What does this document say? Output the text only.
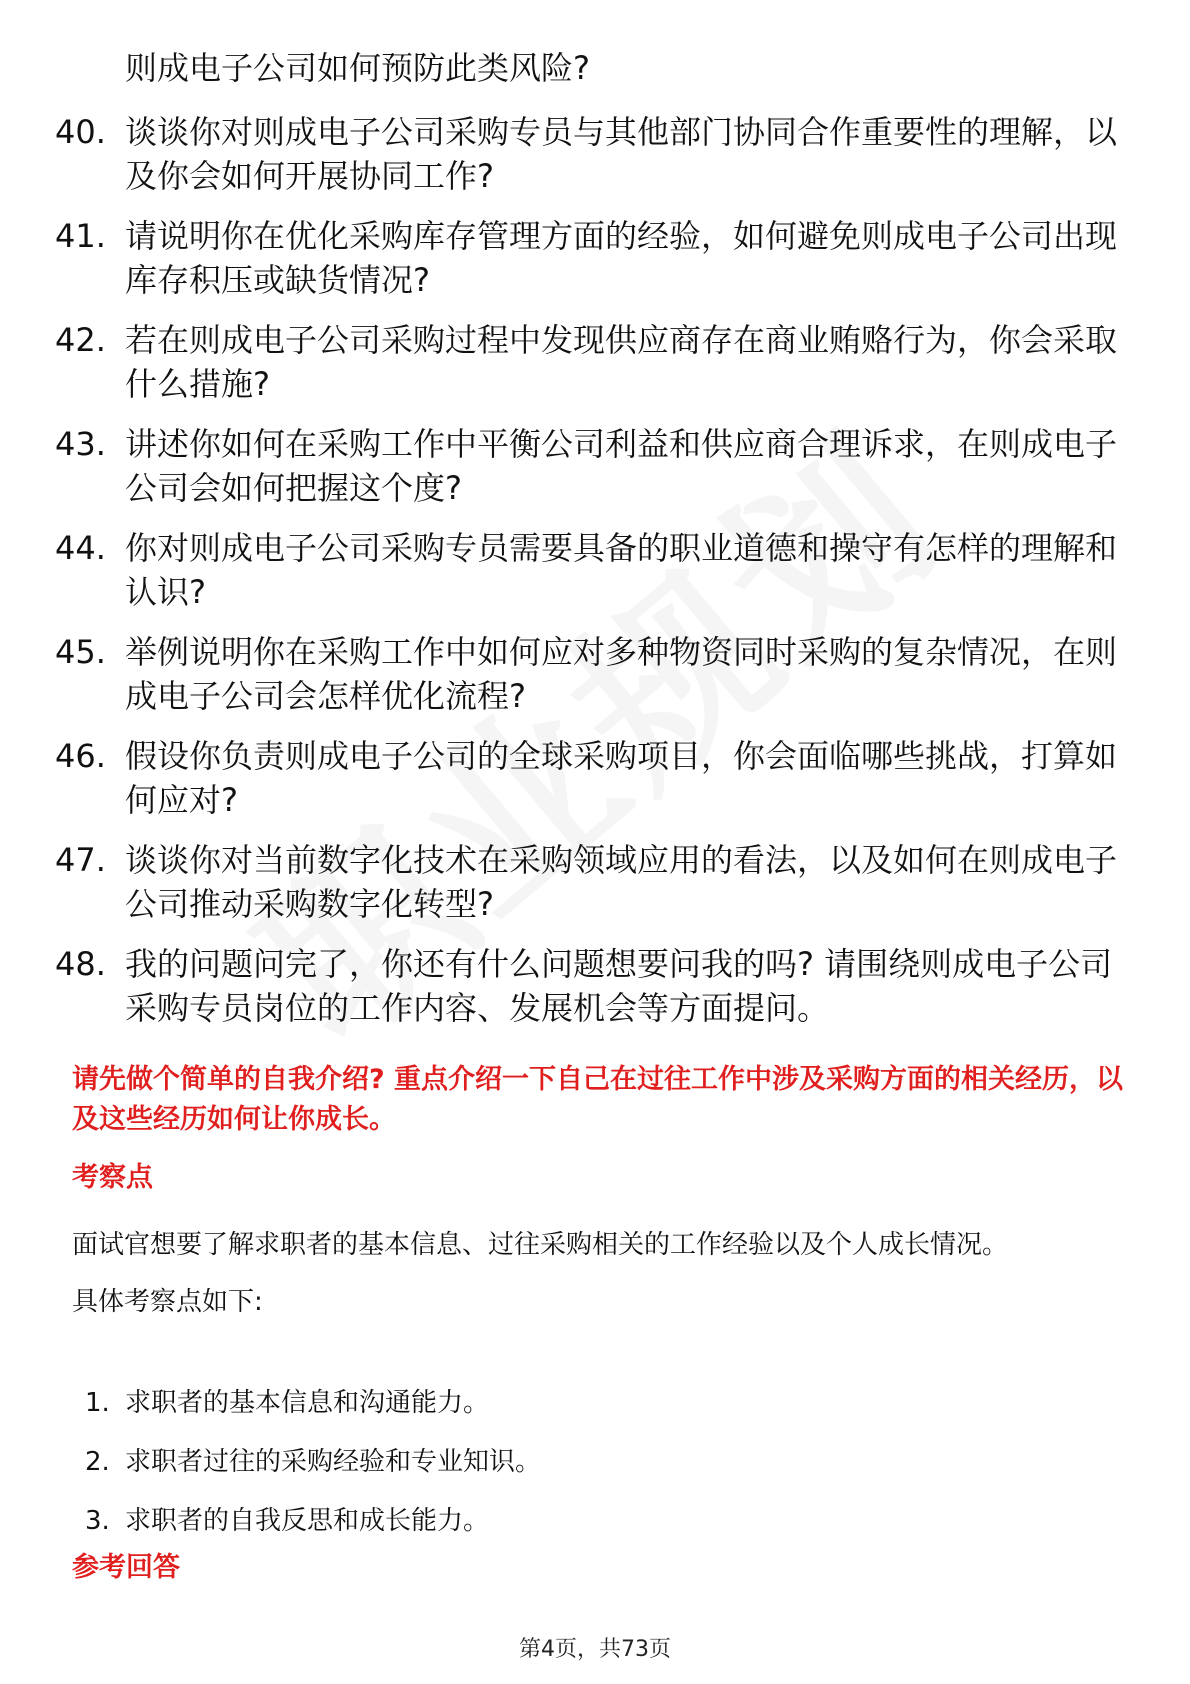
则成电子公司如何预防此类风险?
40. 谈谈你对则成电子公司采购专员与其他部门协同合作重要性的理解，以及你会如何开展协同工作?
41. 请说明你在优化采购库存管理方面的经验，如何避免则成电子公司出现库存积压或缺货情况?
42. 若在则成电子公司采购过程中发现供应商存在商业贿赂行为，你会采取什么措施?
43. 讲述你如何在采购工作中平衡公司利益和供应商合理诉求，在则成电子公司会如何把握这个度?
44. 你对则成电子公司采购专员需要具备的职业道德和操守有怎样的理解和认识?
45. 举例说明你在采购工作中如何应对多种物资同时采购的复杂情况，在则成电子公司会怎样优化流程?
46. 假设你负责则成电子公司的全球采购项目，你会面临哪些挑战，打算如何应对?
47. 谈谈你对当前数字化技术在采购领域应用的看法，以及如何在则成电子公司推动采购数字化转型?
48. 我的问题问完了，你还有什么问题想要问我的吗? 请围绕则成电子公司采购专员岗位的工作内容、发展机会等方面提问。
请先做个简单的自我介绍? 重点介绍一下自己在过往工作中涉及采购方面的相关经历，以及这些经历如何让你成长。
考察点
面试官想要了解求职者的基本信息、过往采购相关的工作经验以及个人成长情况。
具体考察点如下:
1. 求职者的基本信息和沟通能力。
2. 求职者过往的采购经验和专业知识。
3. 求职者的自我反思和成长能力。
参考回答
第4页，共73页
